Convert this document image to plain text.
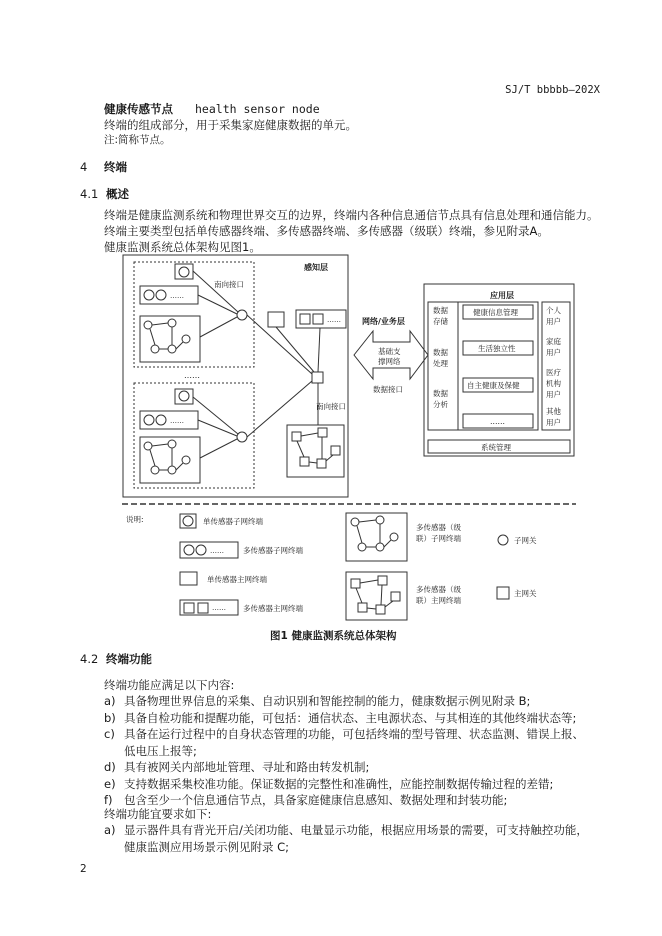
SJ/T bbbbb—202X
健康传感节点 health sensor node
终端的组成部分，用于采集家庭健康数据的单元。
注:简称节点。
4 终端
4.1 概述
终端是健康监测系统和物理世界交互的边界，终端内各种信息通信节点具有信息处理和通信能力。
终端主要类型包括单传感器终端、多传感器终端、多传感器（级联）终端，参见附录A。
健康监测系统总体架构见图1。
感知层
……
南向接口
……
……
……
南向接口
网络/业务层
基础支
撑网络
数据接口
应用层
数据
存储
数据
处理
数据
分析
健康信息管理
生活独立性
自主健康及保健
……
个人
用户
家庭
用户
医疗
机构
用户
其他
用户
系统管理
说明:	单传感器子网终端
……	多传感器子网终端
单传感器主网终端
…… 多传感器主网终端
多传感器（级
联）子网终端	子网关
多传感器（级
联）主网终端
主网关
图1 健康监测系统总体架构
4.2 终端功能
终端功能应满足以下内容:
a) 具备物理世界信息的采集、自动识别和智能控制的能力，健康数据示例见附录 B;
b) 具备自检功能和提醒功能，可包括：通信状态、主电源状态、与其相连的其他终端状态等;
c) 具备在运行过程中的自身状态管理的功能，可包括终端的型号管理、状态监测、错误上报、
低电压上报等;
d) 具有被网关内部地址管理、寻址和路由转发机制;
e) 支持数据采集校准功能。保证数据的完整性和准确性，应能控制数据传输过程的差错;
f) 包含至少一个信息通信节点，具备家庭健康信息感知、数据处理和封装功能;
终端功能宜要求如下:
a) 显示器件具有背光开启/关闭功能、电量显示功能，根据应用场景的需要，可支持触控功能，
健康监测应用场景示例见附录 C;
2
